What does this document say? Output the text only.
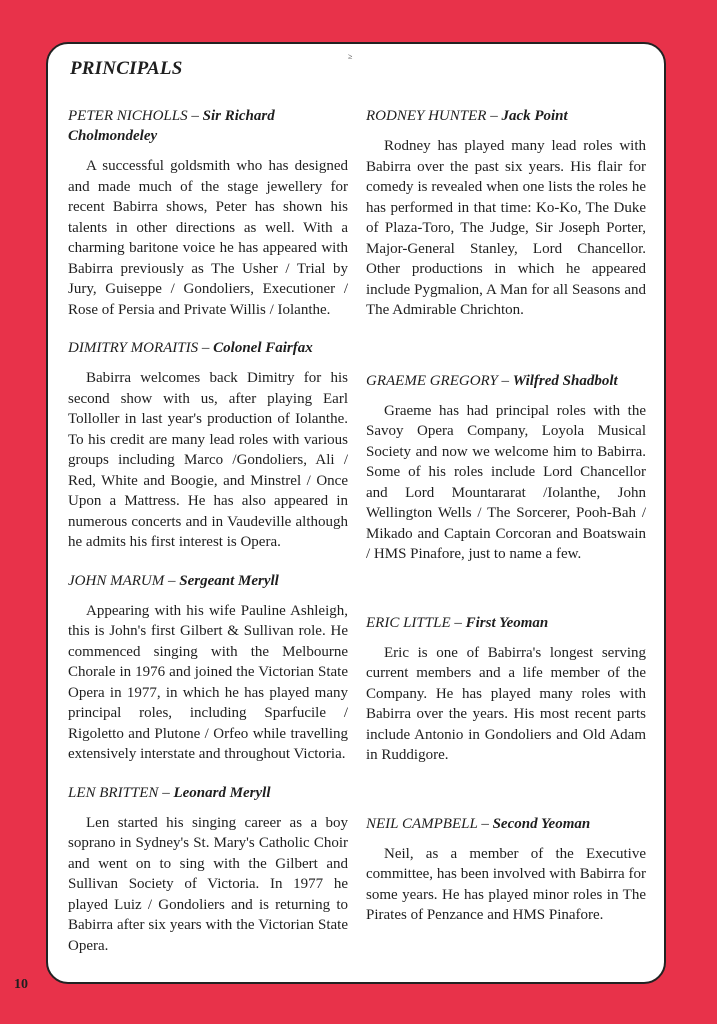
PRINCIPALS
≥
PETER NICHOLLS – Sir Richard Cholmondeley

A successful goldsmith who has designed and made much of the stage jewellery for recent Babirra shows, Peter has shown his talents in other directions as well. With a charming baritone voice he has appeared with Babirra previously as The Usher / Trial by Jury, Guiseppe / Gondoliers, Executioner / Rose of Persia and Private Willis / Iolanthe.

DIMITRY MORAITIS – Colonel Fairfax

Babirra welcomes back Dimitry for his second show with us, after playing Earl Tolloller in last year's production of Iolanthe. To his credit are many lead roles with various groups including Marco /Gondoliers, Ali / Red, White and Boogie, and Minstrel / Once Upon a Mattress. He has also appeared in numerous concerts and in Vaudeville although he admits his first interest is Opera.

JOHN MARUM – Sergeant Meryll

Appearing with his wife Pauline Ashleigh, this is John's first Gilbert & Sullivan role. He commenced singing with the Melbourne Chorale in 1976 and joined the Victorian State Opera in 1977, in which he has played many principal roles, including Sparfucile / Rigoletto and Plutone / Orfeo while travelling extensively interstate and throughout Victoria.

LEN BRITTEN – Leonard Meryll

Len started his singing career as a boy soprano in Sydney's St. Mary's Catholic Choir and went on to sing with the Gilbert and Sullivan Society of Victoria. In 1977 he played Luiz / Gondoliers and is returning to Babirra after six years with the Victorian State Opera.

RODNEY HUNTER – Jack Point

Rodney has played many lead roles with Babirra over the past six years. His flair for comedy is revealed when one lists the roles he has performed in that time: Ko-Ko, The Duke of Plaza-Toro, The Judge, Sir Joseph Porter, Major-General Stanley, Lord Chancellor. Other productions in which he appeared include Pygmalion, A Man for all Seasons and The Admirable Chrichton.

GRAEME GREGORY – Wilfred Shadbolt

Graeme has had principal roles with the Savoy Opera Company, Loyola Musical Society and now we welcome him to Babirra. Some of his roles include Lord Chancellor and Lord Mountararat /Iolanthe, John Wellington Wells / The Sorcerer, Pooh-Bah / Mikado and Captain Corcoran and Boatswain / HMS Pinafore, just to name a few.

ERIC LITTLE – First Yeoman

Eric is one of Babirra's longest serving current members and a life member of the Company. He has played many roles with Babirra over the years. His most recent parts include Antonio in Gondoliers and Old Adam in Ruddigore.

NEIL CAMPBELL – Second Yeoman

Neil, as a member of the Executive committee, has been involved with Babirra for some years. He has played minor roles in The Pirates of Penzance and HMS Pinafore.

10
